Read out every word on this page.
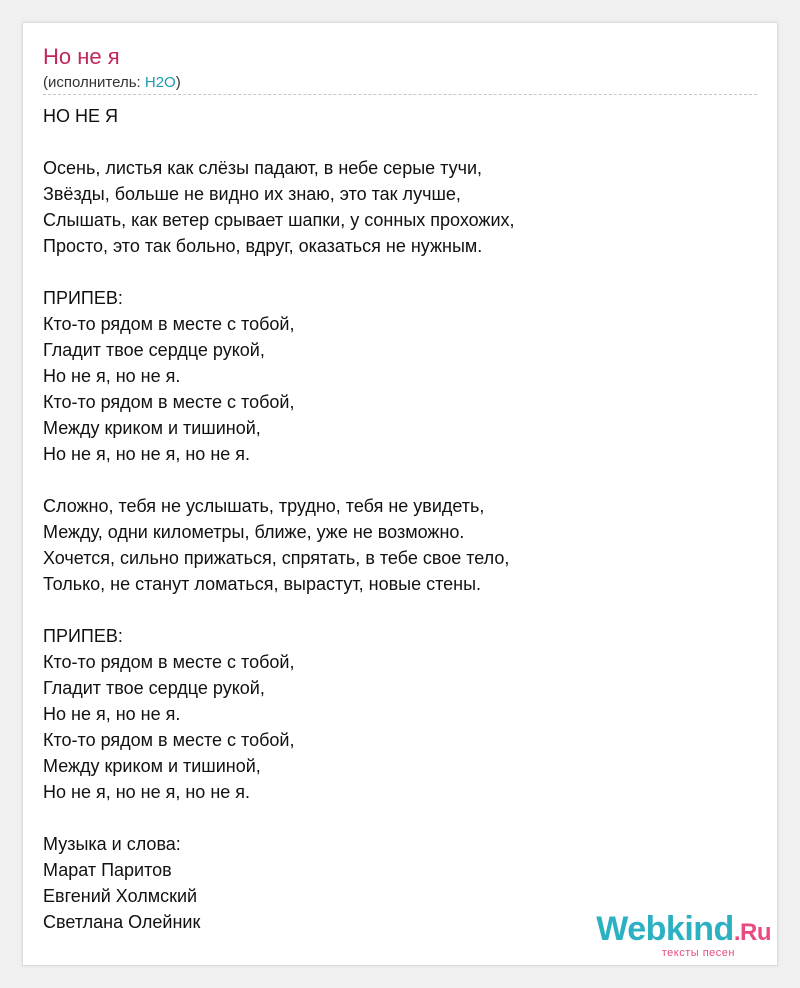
Но не я
(исполнитель: H2O)
НО НЕ Я
Осень, листья как слёзы падают, в небе серые тучи,
Звёзды, больше не видно их знаю, это так лучше,
Слышать, как ветер срывает шапки, у сонных прохожих,
Просто, это так больно, вдруг, оказаться не нужным.
ПРИПЕВ:
Кто-то рядом в месте с тобой,
Гладит твое сердце рукой,
Но не я, но не я.
Кто-то рядом в месте с тобой,
Между криком и тишиной,
Но не я, но не я, но не я.
Сложно, тебя не услышать, трудно, тебя не увидеть,
Между, одни километры, ближе, уже не возможно.
Хочется, сильно прижаться, спрятать, в тебе свое тело,
Только, не станут ломаться, вырастут, новые стены.
ПРИПЕВ:
Кто-то рядом в месте с тобой,
Гладит твое сердце рукой,
Но не я, но не я.
Кто-то рядом в месте с тобой,
Между криком и тишиной,
Но не я, но не я, но не я.
Музыка и слова:
Марат Паритов
Евгений Холмский
Светлана Олейник	Webkind.Ru
тексты песен
